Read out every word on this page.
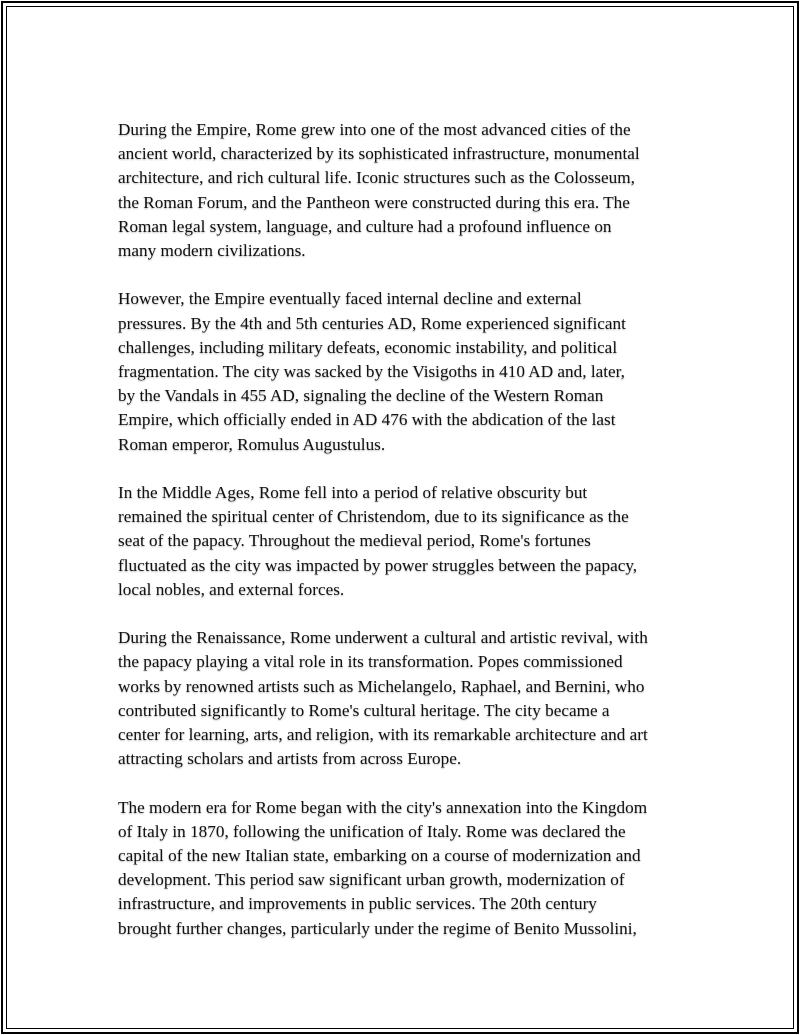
During the Empire, Rome grew into one of the most advanced cities of the
ancient world, characterized by its sophisticated infrastructure, monumental
architecture, and rich cultural life. Iconic structures such as the Colosseum,
the Roman Forum, and the Pantheon were constructed during this era. The
Roman legal system, language, and culture had a profound influence on
many modern civilizations.

However, the Empire eventually faced internal decline and external
pressures. By the 4th and 5th centuries AD, Rome experienced significant
challenges, including military defeats, economic instability, and political
fragmentation. The city was sacked by the Visigoths in 410 AD and, later,
by the Vandals in 455 AD, signaling the decline of the Western Roman
Empire, which officially ended in AD 476 with the abdication of the last
Roman emperor, Romulus Augustulus.

In the Middle Ages, Rome fell into a period of relative obscurity but
remained the spiritual center of Christendom, due to its significance as the
seat of the papacy. Throughout the medieval period, Rome's fortunes
fluctuated as the city was impacted by power struggles between the papacy,
local nobles, and external forces.

During the Renaissance, Rome underwent a cultural and artistic revival, with
the papacy playing a vital role in its transformation. Popes commissioned
works by renowned artists such as Michelangelo, Raphael, and Bernini, who
contributed significantly to Rome's cultural heritage. The city became a
center for learning, arts, and religion, with its remarkable architecture and art
attracting scholars and artists from across Europe.

The modern era for Rome began with the city's annexation into the Kingdom
of Italy in 1870, following the unification of Italy. Rome was declared the
capital of the new Italian state, embarking on a course of modernization and
development. This period saw significant urban growth, modernization of
infrastructure, and improvements in public services. The 20th century
brought further changes, particularly under the regime of Benito Mussolini,
